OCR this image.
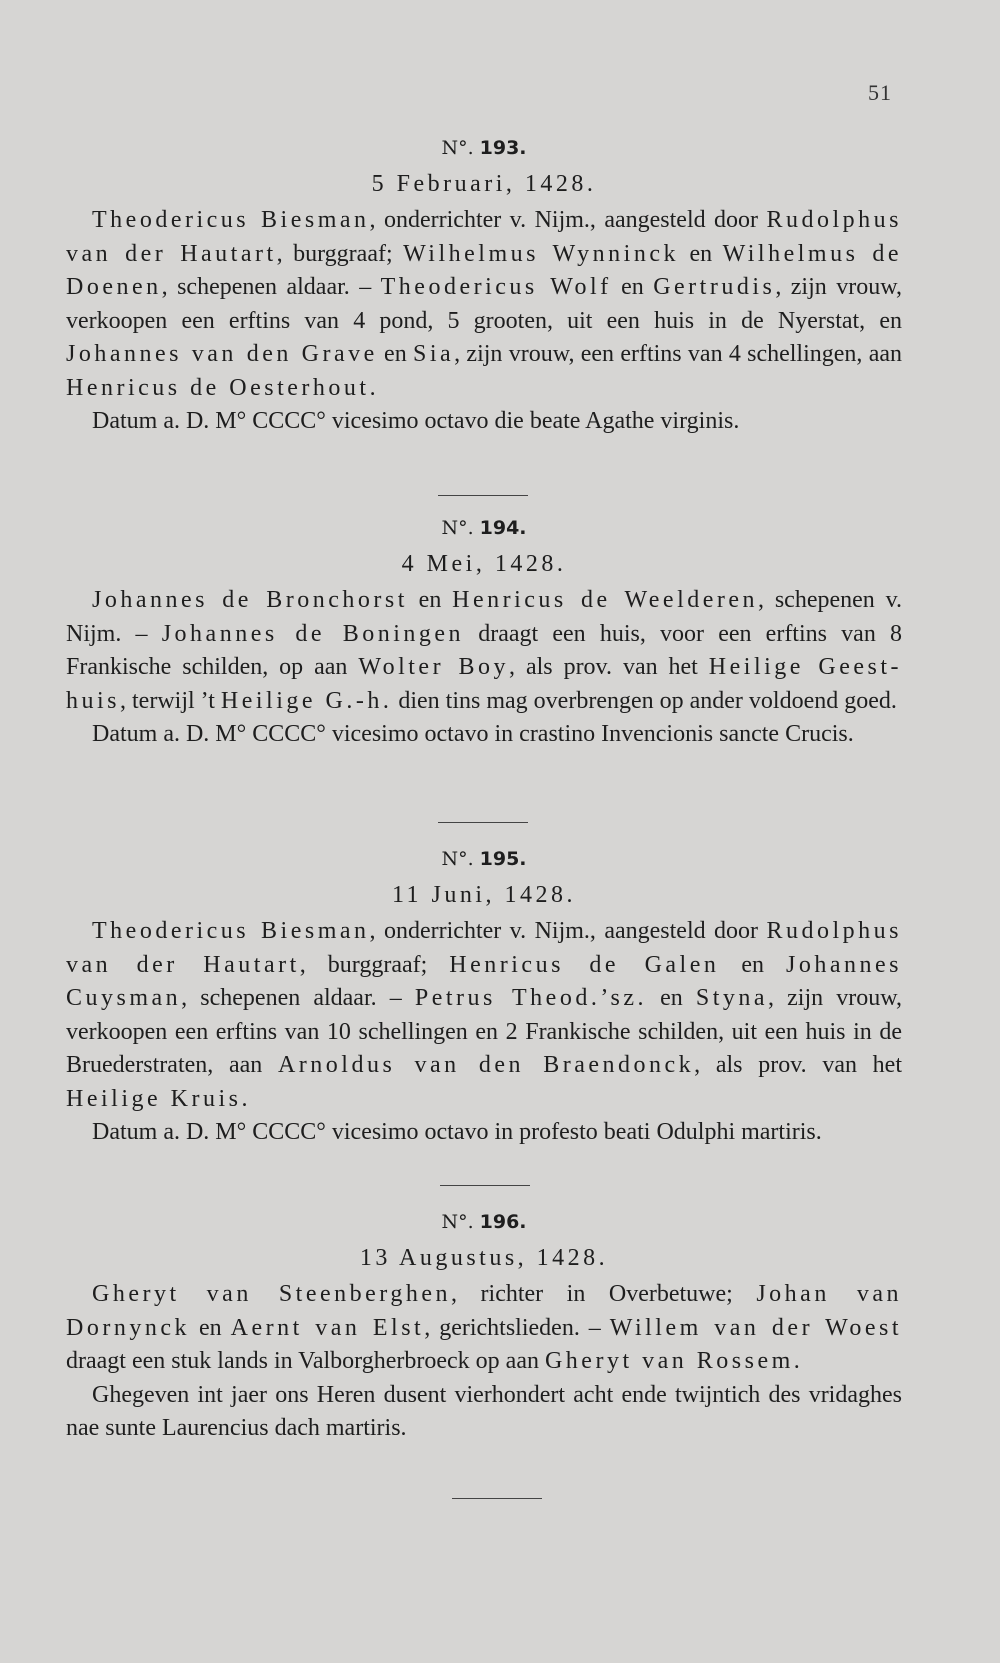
51
N°. 193.
5 Februari, 1428.

Theodericus Biesman, onderrichter v. Nijm., aangesteld door Rudolphus van der Hautart, burggraaf; Wilhelmus Wynninck en Wilhelmus de Doenen, schepenen aldaar. – Theodericus Wolf en Gertrudis, zijn vrouw, verkoopen een erftins van 4 pond, 5 grooten, uit een huis in de Nyerstat, en Johannes van den Grave en Sia, zijn vrouw, een erftins van 4 schellingen, aan Henricus de Oesterhout.

Datum a. D. M° CCCC° vicesimo octavo die beate Agathe virginis.

N°. 194.
4 Mei, 1428.

Johannes de Bronchorst en Henricus de Weelderen, schepenen v. Nijm. – Johannes de Boningen draagt een huis, voor een erftins van 8 Frankische schilden, op aan Wolter Boy, als prov. van het Heilige Geest-huis, terwijl ’t Heilige G.-h. dien tins mag overbrengen op ander voldoend goed.

Datum a. D. M° CCCC° vicesimo octavo in crastino Invencionis sancte Crucis.

N°. 195.
11 Juni, 1428.

Theodericus Biesman, onderrichter v. Nijm., aangesteld door Rudolphus van der Hautart, burggraaf; Henricus de Galen en Johannes Cuysman, schepenen aldaar. – Petrus Theod.’sz. en Styna, zijn vrouw, verkoopen een erftins van 10 schellingen en 2 Frankische schilden, uit een huis in de Bruederstraten, aan Arnoldus van den Braendonck, als prov. van het Heilige Kruis.

Datum a. D. M° CCCC° vicesimo octavo in profesto beati Odulphi martiris.

N°. 196.
13 Augustus, 1428.

Gheryt van Steenberghen, richter in Overbetuwe; Johan van Dornynck en Aernt van Elst, gerichtslieden. – Willem van der Woest draagt een stuk lands in Valborgherbroeck op aan Gheryt van Rossem.

Ghegeven int jaer ons Heren dusent vierhondert acht ende twijntich des vridaghes nae sunte Laurencius dach martiris.
